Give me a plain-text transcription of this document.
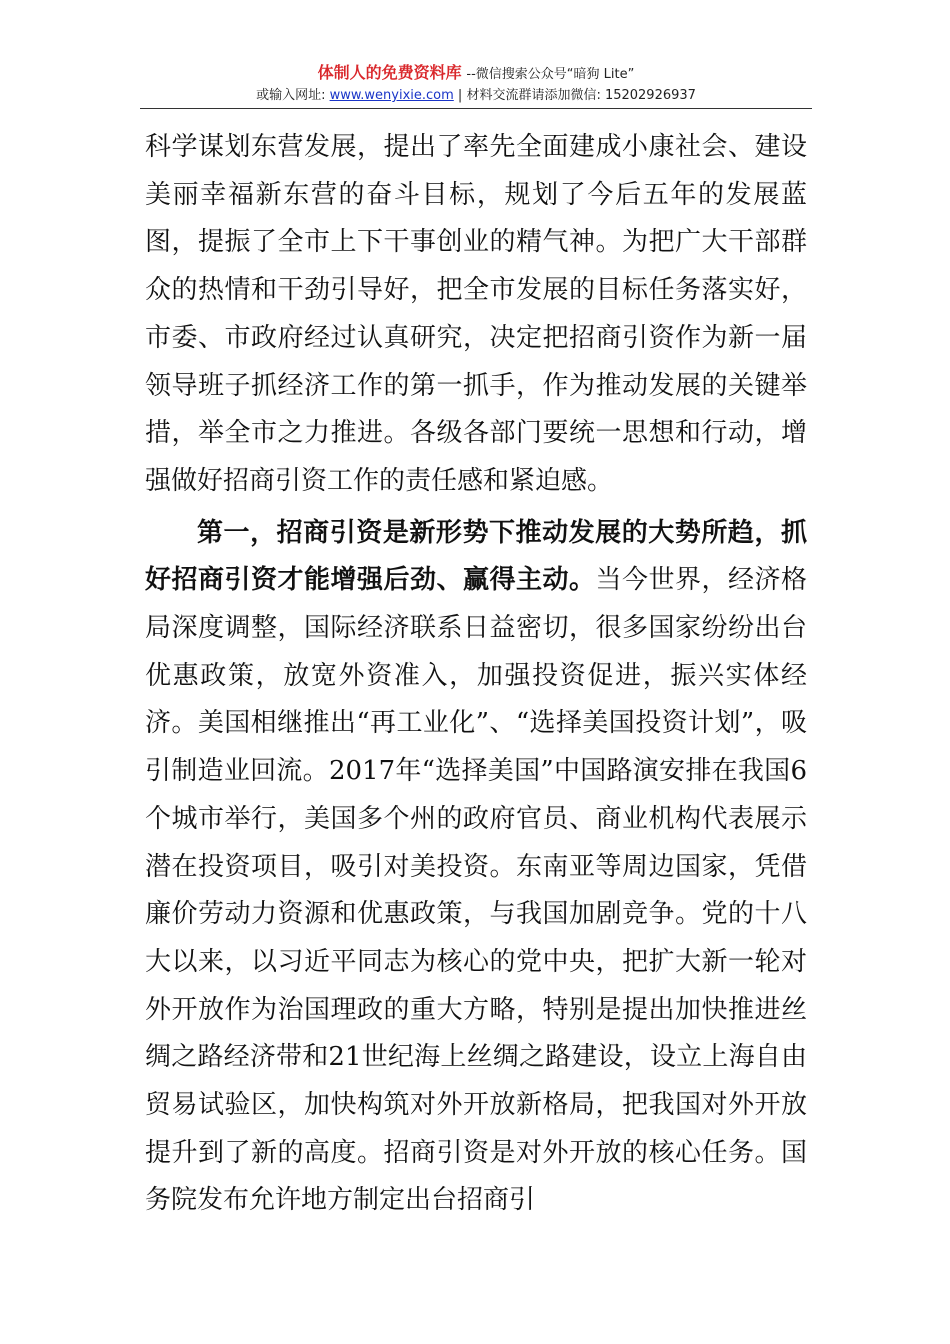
体制人的免费资料库 --微信搜索公众号“暗狗 Lite”
或输入网址: www.wenyixie.com | 材料交流群请添加微信: 15202926937

科学谋划东营发展，提出了率先全面建成小康社会、建设美丽幸福新东营的奋斗目标，规划了今后五年的发展蓝图，提振了全市上下干事创业的精气神。为把广大干部群众的热情和干劲引导好，把全市发展的目标任务落实好，市委、市政府经过认真研究，决定把招商引资作为新一届领导班子抓经济工作的第一抓手，作为推动发展的关键举措，举全市之力推进。各级各部门要统一思想和行动，增强做好招商引资工作的责任感和紧迫感。

第一，招商引资是新形势下推动发展的大势所趋，抓好招商引资才能增强后劲、赢得主动。当今世界，经济格局深度调整，国际经济联系日益密切，很多国家纷纷出台优惠政策，放宽外资准入，加强投资促进，振兴实体经济。美国相继推出“再工业化”、“选择美国投资计划”，吸引制造业回流。2017年“选择美国”中国路演安排在我国6个城市举行，美国多个州的政府官员、商业机构代表展示潜在投资项目，吸引对美投资。东南亚等周边国家，凭借廉价劳动力资源和优惠政策，与我国加剧竞争。党的十八大以来，以习近平同志为核心的党中央，把扩大新一轮对外开放作为治国理政的重大方略，特别是提出加快推进丝绸之路经济带和21世纪海上丝绸之路建设，设立上海自由贸易试验区，加快构筑对外开放新格局，把我国对外开放提升到了新的高度。招商引资是对外开放的核心任务。国务院发布允许地方制定出台招商引
